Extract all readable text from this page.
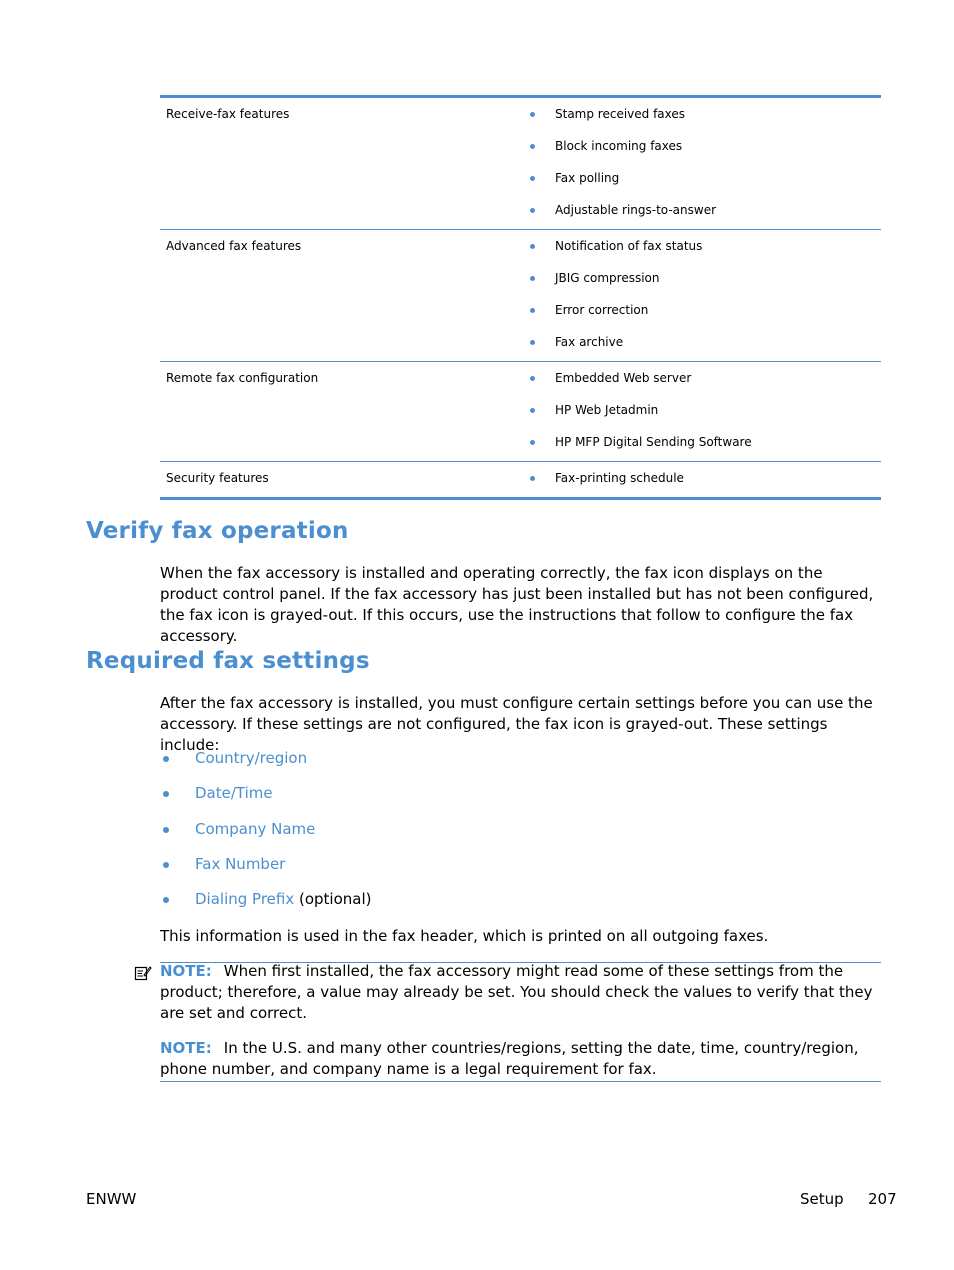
Receive-fax features	Stamp received faxes
Block incoming faxes
Fax polling
Adjustable rings-to-answer
Advanced fax features	Notification of fax status
JBIG compression
Error correction
Fax archive
Remote fax configuration	Embedded Web server
HP Web Jetadmin
HP MFP Digital Sending Software
Security features	Fax-printing schedule
Verify fax operation

When the fax accessory is installed and operating correctly, the fax icon displays on the product control panel. If the fax accessory has just been installed but has not been configured, the fax icon is grayed-out. If this occurs, use the instructions that follow to configure the fax accessory.

Required fax settings

After the fax accessory is installed, you must configure certain settings before you can use the accessory. If these settings are not configured, the fax icon is grayed-out. These settings include:

Country/region
Date/Time
Company Name
Fax Number
Dialing Prefix (optional)

This information is used in the fax header, which is printed on all outgoing faxes.

NOTE: When first installed, the fax accessory might read some of these settings from the product; therefore, a value may already be set. You should check the values to verify that they are set and correct.

NOTE: In the U.S. and many other countries/regions, setting the date, time, country/region, phone number, and company name is a legal requirement for fax.

ENWW	Setup 207
